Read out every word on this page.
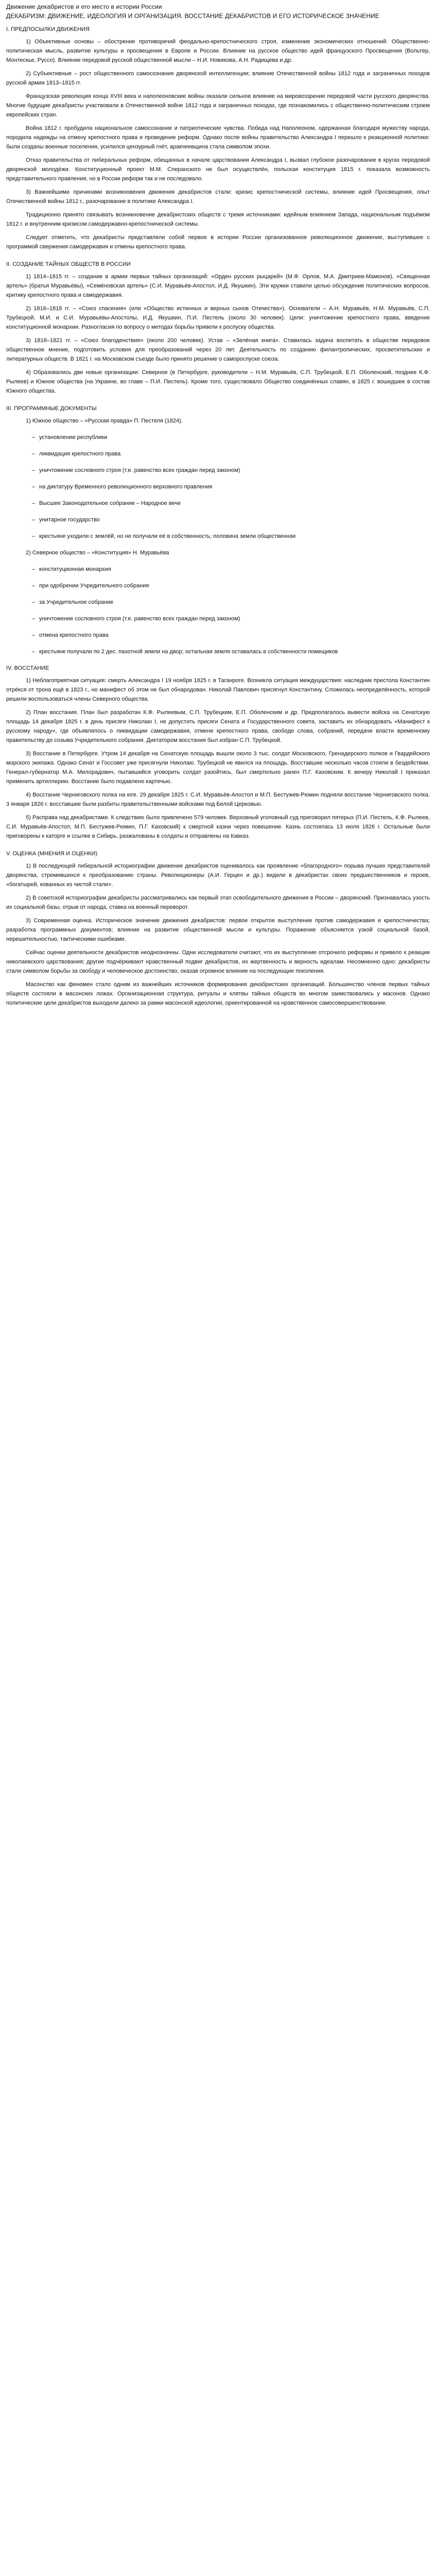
Движение декабристов и его место в истории России
ДЕКАБРИЗМ: ДВИЖЕНИЕ, ИДЕОЛОГИЯ И ОРГАНИЗАЦИЯ. ВОССТАНИЕ ДЕКАБРИСТОВ И ЕГО ИСТОРИЧЕСКОЕ ЗНАЧЕНИЕ

I. ПРЕДПОСЫЛКИ ДВИЖЕНИЯ

1) Объективные основы – обострение противоречий феодально-крепостнического строя, изменение экономических отношений. Общественно-политическая мысль, развитие культуры и просвещения в Европе и России. Влияние на русское общество идей французского Просвещения (Вольтер, Монтескье, Руссо). Влияние передовой русской общественной мысли – Н.И. Новикова, А.Н. Радищева и др.

2) Субъективные – рост общественного самосознания дворянской интеллигенции; влияние Отечественной войны 1812 года и заграничных походов русской армии 1813–1815 гг.

Французская революция конца XVIII века и наполеоновские войны оказали сильное влияние на мировоззрение передовой части русского дворянства. Многие будущие декабристы участвовали в Отечественной войне 1812 года и заграничных походах, где познакомились с общественно-политическим строем европейских стран.

Война 1812 г. пробудила национальное самосознание и патриотические чувства. Победа над Наполеоном, одержанная благодаря мужеству народа, породила надежды на отмену крепостного права и проведение реформ. Однако после войны правительство Александра I перешло к реакционной политике: были созданы военные поселения, усилился цензурный гнёт, аракчеевщина стала символом эпохи.

Отказ правительства от либеральных реформ, обещанных в начале царствования Александра I, вызвал глубокое разочарование в кругах передовой дворянской молодёжи. Конституционный проект М.М. Сперанского не был осуществлён, польская конституция 1815 г. показала возможность представительного правления, но в России реформ так и не последовало.

3) Важнейшими причинами возникновения движения декабристов стали: кризис крепостнической системы, влияние идей Просвещения, опыт Отечественной войны 1812 г., разочарование в политике Александра I.

Традиционно принято связывать возникновение декабристских обществ с тремя источниками: идейным влиянием Запада, национальным подъёмом 1812 г. и внутренним кризисом самодержавно-крепостнической системы.

Следует отметить, что декабристы представляли собой первое в истории России организованное революционное движение, выступившее с программой свержения самодержавия и отмены крепостного права.

II. СОЗДАНИЕ ТАЙНЫХ ОБЩЕСТВ В РОССИИ

1) 1814–1815 гг. – создание в армии первых тайных организаций: «Орден русских рыцарей» (М.Ф. Орлов, М.А. Дмитриев-Мамонов), «Священная артель» (братья Муравьёвы), «Семёновская артель» (С.И. Муравьёв-Апостол, И.Д. Якушкин). Эти кружки ставили целью обсуждение политических вопросов, критику крепостного права и самодержавия.

2) 1816–1818 гг. – «Союз спасения» (или «Общество истинных и верных сынов Отечества»). Основатели – А.Н. Муравьёв, Н.М. Муравьёв, С.П. Трубецкой, М.И. и С.И. Муравьёвы-Апостолы, И.Д. Якушкин, П.И. Пестель (около 30 человек). Цели: уничтожение крепостного права, введение конституционной монархии. Разногласия по вопросу о методах борьбы привели к роспуску общества.

3) 1818–1821 гг. – «Союз благоденствия» (около 200 человек). Устав – «Зелёная книга». Ставилась задача воспитать в обществе передовое общественное мнение, подготовить условия для преобразований через 20 лет. Деятельность по созданию филантропических, просветительских и литературных обществ. В 1821 г. на Московском съезде было принято решение о самороспуске союза.

4) Образовались две новые организации: Северное (в Петербурге, руководители – Н.М. Муравьёв, С.П. Трубецкой, Е.П. Оболенский, позднее К.Ф. Рылеев) и Южное общества (на Украине, во главе – П.И. Пестель). Кроме того, существовало Общество соединённых славян, в 1825 г. вошедшее в состав Южного общества.

III. ПРОГРАММНЫЕ ДОКУМЕНТЫ

1) Южное общество – «Русская правда» П. Пестеля (1824).

– установление республики

– ликвидация крепостного права

– уничтожение сословного строя (т.е. равенство всех граждан перед законом)

– на диктатуру Временного революционного верховного правления

– Высшее Законодательное собрание – Народное вече

– унитарное государство

– крестьяне уходили с землёй, но не получали её в собственность; половина земли общественная

2) Северное общество – «Конституция» Н. Муравьёва

– конституционная монархия

– при одобрении Учредительного собрания

– за Учредительное собрание

– уничтожение сословного строя (т.е. равенство всех граждан перед законом)

– отмена крепостного права

– крестьяне получали по 2 дес. пахотной земли на двор; остальная земля оставалась в собственности помещиков

IV. ВОССТАНИЕ

1) Неблагоприятная ситуация: смерть Александра I 19 ноября 1825 г. в Таганроге. Возникла ситуация междуцарствия: наследник престола Константин отрёкся от трона ещё в 1823 г., но манифест об этом не был обнародован. Николай Павлович присягнул Константину. Сложилась неопределённость, которой решили воспользоваться члены Северного общества.

2) План восстания. План был разработан К.Ф. Рылеевым, С.П. Трубецким, Е.П. Оболенским и др. Предполагалось вывести войска на Сенатскую площадь 14 декабря 1825 г. в день присяги Николаю I, не допустить присяги Сената и Государственного совета, заставить их обнародовать «Манифест к русскому народу», где объявлялось о ликвидации самодержавия, отмене крепостного права, свободе слова, собраний, передаче власти временному правительству до созыва Учредительного собрания. Диктатором восстания был избран С.П. Трубецкой.

3) Восстание в Петербурге. Утром 14 декабря на Сенатскую площадь вышли около 3 тыс. солдат Московского, Гренадерского полков и Гвардейского морского экипажа. Однако Сенат и Госсовет уже присягнули Николаю. Трубецкой не явился на площадь. Восставшие несколько часов стояли в бездействии. Генерал-губернатор М.А. Милорадович, пытавшийся уговорить солдат разойтись, был смертельно ранен П.Г. Каховским. К вечеру Николай I приказал применить артиллерию. Восстание было подавлено картечью.

4) Восстание Черниговского полка на юге. 29 декабря 1825 г. С.И. Муравьёв-Апостол и М.П. Бестужев-Рюмин подняли восстание Черниговского полка. 3 января 1826 г. восставшие были разбиты правительственными войсками под Белой Церковью.

5) Расправа над декабристами. К следствию было привлечено 579 человек. Верховный уголовный суд приговорил пятерых (П.И. Пестель, К.Ф. Рылеев, С.И. Муравьёв-Апостол, М.П. Бестужев-Рюмин, П.Г. Каховский) к смертной казни через повешение. Казнь состоялась 13 июля 1826 г. Остальные были приговорены к каторге и ссылке в Сибирь, разжалованы в солдаты и отправлены на Кавказ.

V. ОЦЕНКА (МНЕНИЯ И ОЦЕНКИ)

1) В последующей либеральной историографии движение декабристов оценивалось как проявление «благородного» порыва лучших представителей дворянства, стремившихся к преобразованию страны. Революционеры (А.И. Герцен и др.) видели в декабристах своих предшественников и героев, «богатырей, кованных из чистой стали».

2) В советской историографии декабристы рассматривались как первый этап освободительного движения в России – дворянский. Признавалась узость их социальной базы, отрыв от народа, ставка на военный переворот.

3) Современная оценка. Историческое значение движения декабристов: первое открытое выступление против самодержавия и крепостничества; разработка программных документов; влияние на развитие общественной мысли и культуры. Поражение объясняется узкой социальной базой, нерешительностью, тактическими ошибками.

Сейчас оценки деятельности декабристов неоднозначны. Одни исследователи считают, что их выступление отсрочило реформы и привело к реакции николаевского царствования; другие подчёркивают нравственный подвиг декабристов, их жертвенность и верность идеалам. Несомненно одно: декабристы стали символом борьбы за свободу и человеческое достоинство, оказав огромное влияние на последующие поколения.

Масонство как феномен стало одним из важнейших источников формирования декабристских организаций. Большинство членов первых тайных обществ состояли в масонских ложах. Организационная структура, ритуалы и клятвы тайных обществ во многом заимствовались у масонов. Однако политические цели декабристов выходили далеко за рамки масонской идеологии, ориентированной на нравственное самосовершенствование.
